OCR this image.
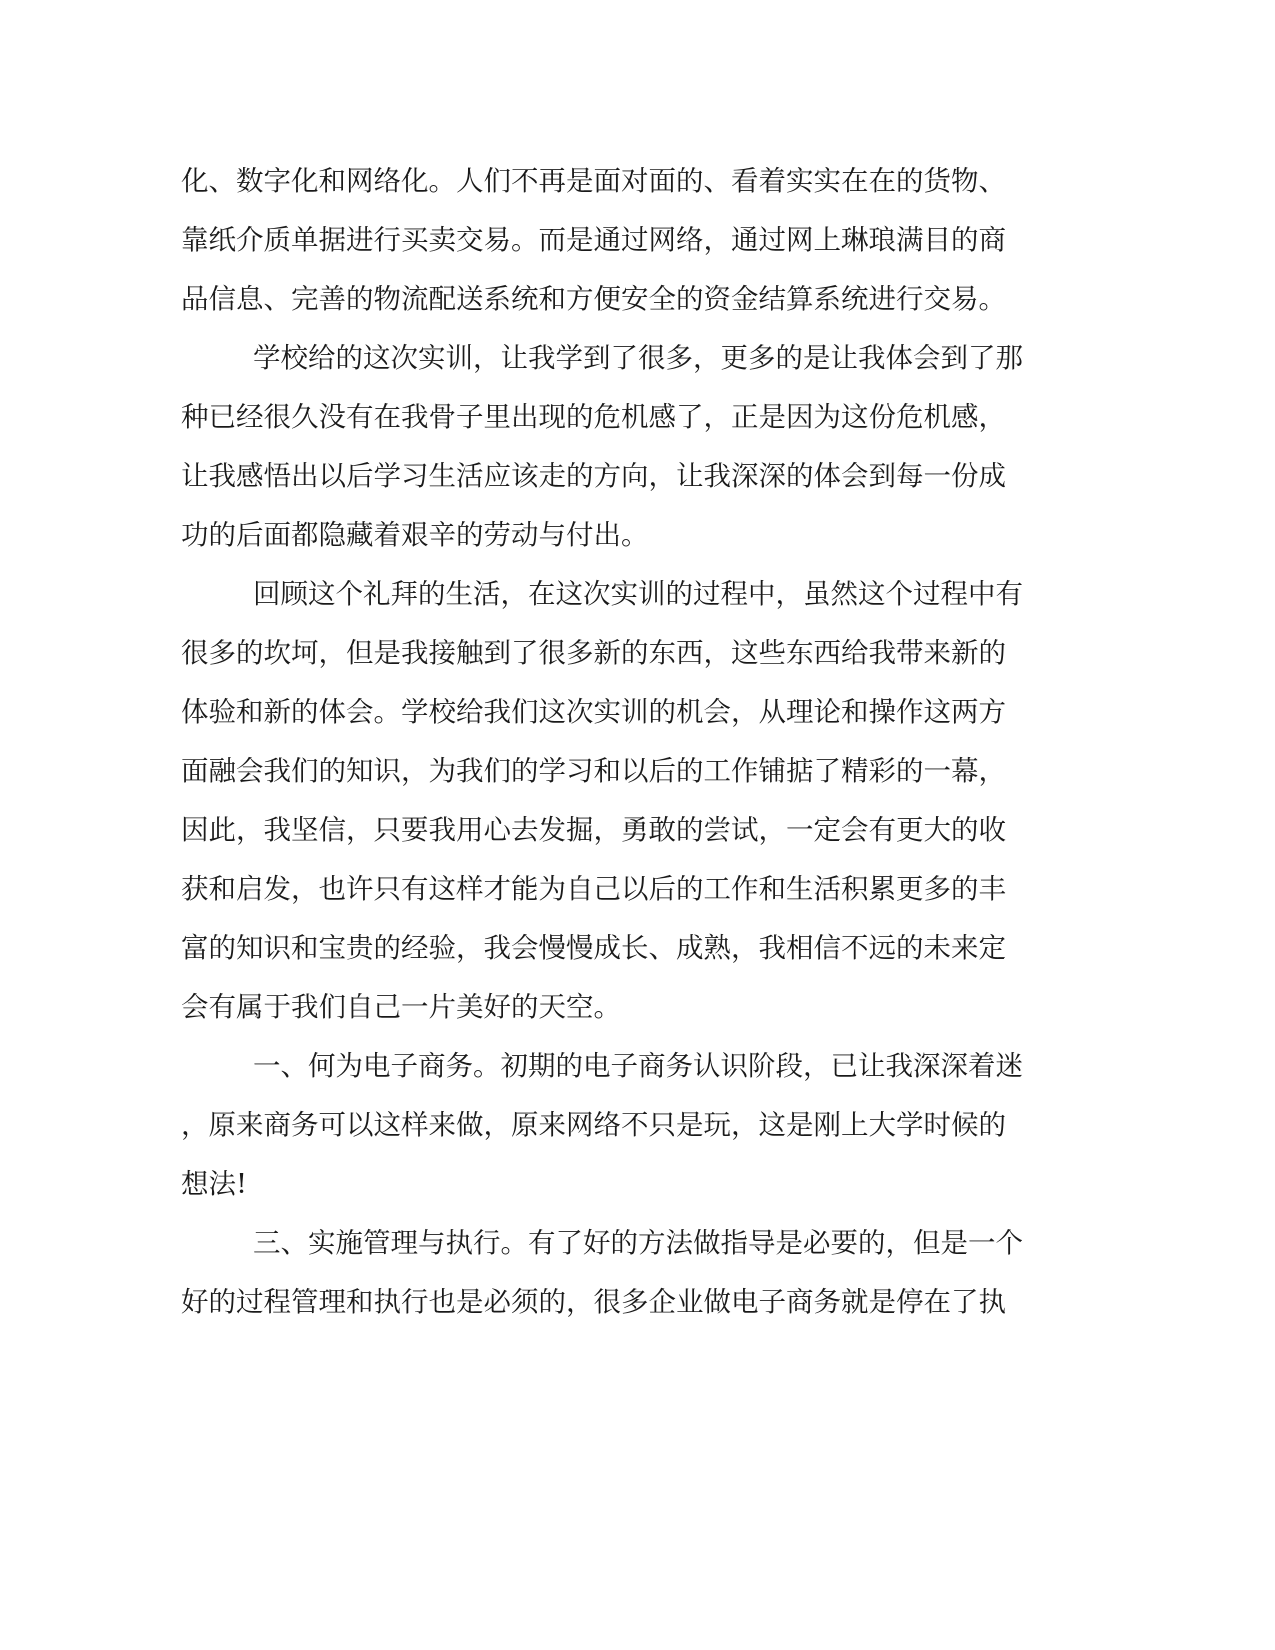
化、数字化和网络化。人们不再是面对面的、看着实实在在的货物、
靠纸介质单据进行买卖交易。而是通过网络，通过网上琳琅满目的商
品信息、完善的物流配送系统和方便安全的资金结算系统进行交易。
学校给的这次实训，让我学到了很多，更多的是让我体会到了那
种已经很久没有在我骨子里出现的危机感了，正是因为这份危机感，
让我感悟出以后学习生活应该走的方向，让我深深的体会到每一份成
功的后面都隐藏着艰辛的劳动与付出。
回顾这个礼拜的生活，在这次实训的过程中，虽然这个过程中有
很多的坎坷，但是我接触到了很多新的东西，这些东西给我带来新的
体验和新的体会。学校给我们这次实训的机会，从理论和操作这两方
面融会我们的知识，为我们的学习和以后的工作铺掂了精彩的一幕，
因此，我坚信，只要我用心去发掘，勇敢的尝试，一定会有更大的收
获和启发，也许只有这样才能为自己以后的工作和生活积累更多的丰
富的知识和宝贵的经验，我会慢慢成长、成熟，我相信不远的未来定
会有属于我们自己一片美好的天空。
一、何为电子商务。初期的电子商务认识阶段，已让我深深着迷
，原来商务可以这样来做，原来网络不只是玩，这是刚上大学时候的
想法!
三、实施管理与执行。有了好的方法做指导是必要的，但是一个
好的过程管理和执行也是必须的，很多企业做电子商务就是停在了执
